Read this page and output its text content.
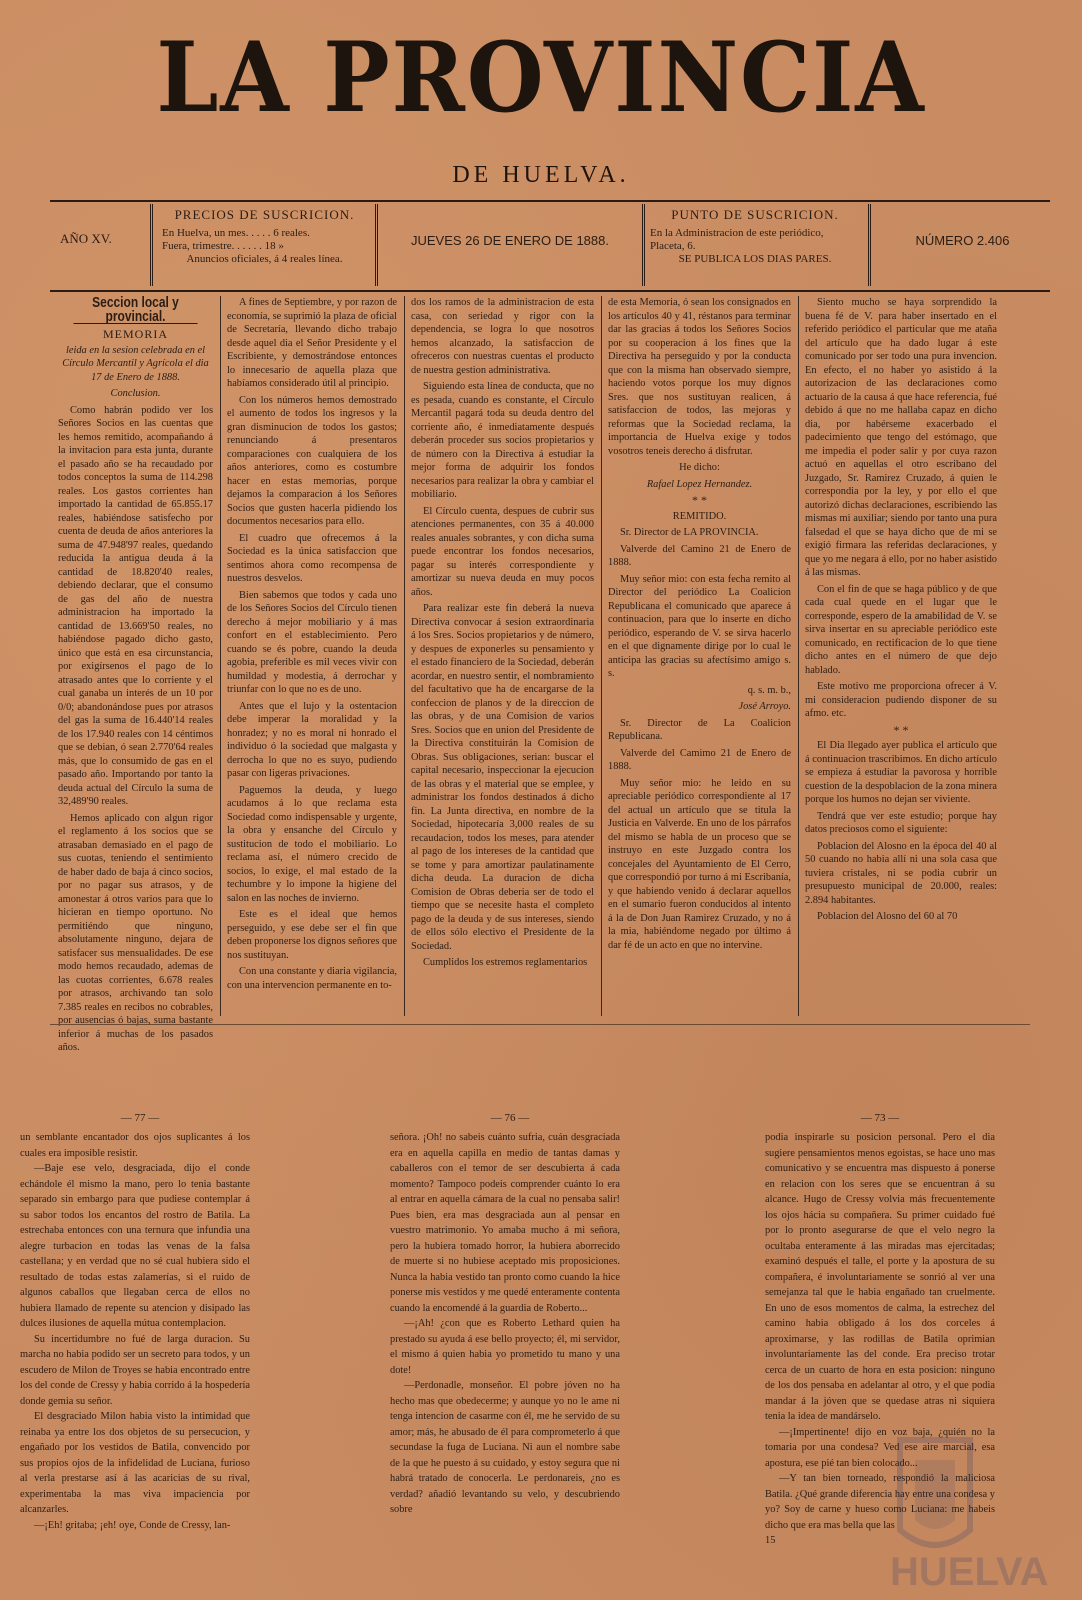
LA PROVINCIA
DE HUELVA.
AÑO XV.
PRECIOS DE SUSCRICION.
En Huelva, un mes. . . . . 6 reales.
Fuera, trimestre. . . . . . 18 »
Anuncios oficiales, á 4 reales línea.
JUEVES 26 DE ENERO DE 1888.
PUNTO DE SUSCRICION.
En la Administracion de este periódico, Placeta, 6.
SE PUBLICA LOS DIAS PARES.
NÚMERO 2.406
Seccion local y provincial.
MEMORIA

leida en la sesion celebrada en el Círculo Mercantil y Agrícola el dia 17 de Enero de 1888.

Conclusion.

Como habrán podido ver los Señores Socios en las cuentas que les hemos remitido, acompañando á la invitacion para esta junta, durante el pasado año se ha recaudado por todos conceptos la suma de 114.298 reales. Los gastos corrientes han importado la cantidad de 65.855.17 reales, habiéndose satisfecho por cuenta de deuda de años anteriores la suma de 47.948'97 reales, quedando reducida la antigua deuda á la cantidad de 18.820'40 reales, debiendo declarar, que el consumo de gas del año de nuestra administracion ha importado la cantidad de 13.669'50 reales, no habiéndose pagado dicho gasto, único que está en esa circunstancia, por exigírsenos el pago de lo atrasado antes que lo corriente y el cual ganaba un interés de un 10 por 0/0; abandonándose pues por atrasos del gas la suma de 16.440'14 reales de los 17.940 reales con 14 céntimos que se debian, ó sean 2.770'64 reales más, que lo consumido de gas en el pasado año. Importando por tanto la deuda actual del Círculo la suma de 32,489'90 reales.

Hemos aplicado con algun rigor el reglamento á los socios que se atrasaban demasiado en el pago de sus cuotas, teniendo el sentimiento de haber dado de baja á cinco socios, por no pagar sus atrasos, y de amonestar á otros varios para que lo hicieran en tiempo oportuno. No permitiéndo que ninguno, absolutamente ninguno, dejara de satisfacer sus mensualidades. De ese modo hemos recaudado, ademas de las cuotas corrientes, 6.678 reales por atrasos, archivando tan solo 7.385 reales en recibos no cobrables, por ausencias ó bajas, suma bastante inferior á muchas de los pasados años.

A fines de Septiembre, y por razon de economía, se suprimió la plaza de oficial de Secretaría, llevando dicho trabajo desde aquel dia el Señor Presidente y el Escribiente, y demostrándose entonces lo innecesario de aquella plaza que habíamos considerado útil al principio.

Con los números hemos demostrado el aumento de todos los ingresos y la gran disminucion de todos los gastos; renunciando á presentaros comparaciones con cualquiera de los años anteriores, como es costumbre hacer en estas memorias, porque dejamos la comparacion á los Señores Socios que gusten hacerla pidiendo los documentos necesarios para ello.

El cuadro que ofrecemos á la Sociedad es la única satisfaccion que sentimos ahora como recompensa de nuestros desvelos.

Bien sabemos que todos y cada uno de los Señores Socios del Círculo tienen derecho á mejor mobiliario y á mas confort en el establecimiento. Pero cuando se és pobre, cuando la deuda agobia, preferible es mil veces vivir con humildad y modestia, á derrochar y triunfar con lo que no es de uno.

Antes que el lujo y la ostentacion debe imperar la moralidad y la honradez; y no es moral ni honrado el individuo ó la sociedad que malgasta y derrocha lo que no es suyo, pudiendo pasar con ligeras privaciones.

Paguemos la deuda, y luego acudamos á lo que reclama esta Sociedad como indispensable y urgente, la obra y ensanche del Círculo y sustitucion de todo el mobiliario. Lo reclama así, el número crecido de socios, lo exige, el mal estado de la techumbre y lo impone la higiene del salon en las noches de invierno.

Este es el ideal que hemos perseguido, y ese debe ser el fin que deben proponerse los dignos señores que nos sustituyan.

Con una constante y diaria vigilancia, con una intervencion permanente en to-

dos los ramos de la administracion de esta casa, con seriedad y rigor con la dependencia, se logra lo que nosotros hemos alcanzado, la satisfaccion de ofreceros con nuestras cuentas el producto de nuestra gestion administrativa.

Siguiendo esta línea de conducta, que no es pesada, cuando es constante, el Círculo Mercantil pagará toda su deuda dentro del corriente año, é inmediatamente después deberán proceder sus socios propietarios y de número con la Directiva á estudiar la mejor forma de adquirir los fondos necesarios para realizar la obra y cambiar el mobiliario.

El Círculo cuenta, despues de cubrir sus atenciones permanentes, con 35 á 40.000 reales anuales sobrantes, y con dicha suma puede encontrar los fondos necesarios, pagar su interés correspondiente y amortizar su nueva deuda en muy pocos años.

Para realizar este fin deberá la nueva Directiva convocar á sesion extraordinaria á los Sres. Socios propietarios y de número, y despues de exponerles su pensamiento y el estado financiero de la Sociedad, deberán acordar, en nuestro sentir, el nombramiento del facultativo que ha de encargarse de la confeccion de planos y de la direccion de las obras, y de una Comision de varios Sres. Socios que en union del Presidente de la Directiva constituirán la Comision de Obras. Sus obligaciones, serian: buscar el capital necesario, inspeccionar la ejecucion de las obras y el material que se emplee, y administrar los fondos destinados á dicho fin. La Junta directiva, en nombre de la Sociedad, hipotecaría 3,000 reales de su recaudacion, todos los meses, para atender al pago de los intereses de la cantidad que se tome y para amortizar paulatinamente dicha deuda. La duracion de dicha Comision de Obras deberia ser de todo el tiempo que se necesite hasta el completo pago de la deuda y de sus intereses, siendo de ellos sólo electivo el Presidente de la Sociedad.

Cumplidos los estremos reglamentarios

de esta Memoria, ó sean los consignados en los artículos 40 y 41, réstanos para terminar dar las gracias á todos los Señores Socios por su cooperacion á los fines que la Directiva ha perseguido y por la conducta que con la misma han observado siempre, haciendo votos porque los muy dignos Sres. que nos sustituyan realicen, á satisfaccion de todos, las mejoras y reformas que la Sociedad reclama, la importancia de Huelva exige y todos vosotros teneis derecho á disfrutar.

He dicho:

Rafael Lopez Hernandez.

* *

REMITIDO.

Sr. Director de LA PROVINCIA.

Valverde del Camino 21 de Enero de 1888.

Muy señor mio: con esta fecha remito al Director del periódico La Coalicion Republicana el comunicado que aparece á continuacion, para que lo inserte en dicho periódico, esperando de V. se sirva hacerlo en el que dignamente dirige por lo cual le anticipa las gracias su afectísimo amigo s. s.

q. s. m. b.,

José Arroyo.

Sr. Director de La Coalicion Republicana.

Valverde del Camimo 21 de Enero de 1888.

Muy señor mio: he leido en su apreciable periódico correspondiente al 17 del actual un artículo que se titula la Justicia en Valverde. En uno de los párrafos del mismo se habla de un proceso que se instruyo en este Juzgado contra los concejales del Ayuntamiento de El Cerro, que correspondió por turno á mi Escribanía, y que habiendo venido á declarar aquellos en el sumario fueron conducidos al intento á la de Don Juan Ramirez Cruzado, y no á la mia, habiéndome negado por último á dar fé de un acto en que no intervine.

Siento mucho se haya sorprendido la buena fé de V. para haber insertado en el referido periódico el particular que me ataña del artículo que ha dado lugar á este comunicado por ser todo una pura invencion. En efecto, el no haber yo asistido á la autorizacion de las declaraciones como actuario de la causa á que hace referencia, fué debido á que no me hallaba capaz en dicho dia, por habérseme exacerbado el padecimiento que tengo del estómago, que me impedia el poder salir y por cuya razon actuó en aquellas el otro escribano del Juzgado, Sr. Ramirez Cruzado, á quien le correspondia por la ley, y por ello el que autorizó dichas declaraciones, escribiendo las mismas mi auxiliar; siendo por tanto una pura falsedad el que se haya dicho que de mi se exigió firmara las referidas declaraciones, y que yo me negara á ello, por no haber asistido á las mismas.

Con el fin de que se haga público y de que cada cual quede en el lugar que le corresponde, espero de la amabilidad de V. se sirva insertar en su apreciable periódico este comunicado, en rectificacion de lo que tiene dicho antes en el número de que dejo hablado.

Este motivo me proporciona ofrecer á V. mi consideracion pudiendo disponer de su afmo. etc.

* *

El Dia llegado ayer publica el artículo que á continuacion trascribimos. En dicho artículo se empieza á estudiar la pavorosa y horrible cuestion de la despoblacion de la zona minera porque los humos no dejan ser viviente.

Tendrá que ver este estudio; porque hay datos preciosos como el siguiente:

Poblacion del Alosno en la época del 40 al 50 cuando no habia allí ni una sola casa que tuviera cristales, ni se podia cubrir un presupuesto municipal de 20.000, reales: 2.894 habitantes.

Poblacion del Alosno del 60 al 70

— 77 —	— 76 —	— 73 —

un semblante encantador dos ojos suplicantes á los cuales era imposible resistir.

—Baje ese velo, desgraciada, dijo el conde echándole él mismo la mano, pero lo tenia bastante separado sin embargo para que pudiese contemplar á su sabor todos los encantos del rostro de Batila. La estrechaba entonces con una ternura que infundia una alegre turbacion en todas las venas de la falsa castellana; y en verdad que no sé cual hubiera sido el resultado de todas estas zalamerías, si el ruido de algunos caballos que llegaban cerca de ellos no hubiera llamado de repente su atencion y disipado las dulces ilusiones de aquella mútua contemplacion.

Su incertidumbre no fué de larga duracion. Su marcha no habia podido ser un secreto para todos, y un escudero de Milon de Troyes se habia encontrado entre los del conde de Cressy y habia corrido á la hospedería donde gemia su señor.

El desgraciado Milon habia visto la intimidad que reinaba ya entre los dos objetos de su persecucion, y engañado por los vestidos de Batila, convencido por sus propios ojos de la infidelidad de Luciana, furioso al verla prestarse así á las acaricias de su rival, experimentaba la mas viva impaciencia por alcanzarles.

—¡Eh! gritaba; ¡eh! oye, Conde de Cressy, lan-

señora. ¡Oh! no sabeis cuánto sufria, cuán desgraciada era en aquella capilla en medio de tantas damas y caballeros con el temor de ser descubierta á cada momento? Tampoco podeis comprender cuánto lo era al entrar en aquella cámara de la cual no pensaba salir! Pues bien, era mas desgraciada aun al pensar en vuestro matrimonio. Yo amaba mucho á mi señora, pero la hubiera tomado horror, la hubiera aborrecido de muerte si no hubiese aceptado mis proposiciones. Nunca la habia vestido tan pronto como cuando la hice ponerse mis vestidos y me quedé enteramente contenta cuando la encomendé á la guardia de Roberto...

—¡Ah! ¿con que es Roberto Lethard quien ha prestado su ayuda á ese bello proyecto; él, mi servidor, el mismo á quien habia yo prometido tu mano y una dote!

—Perdonadle, monseñor. El pobre jóven no ha hecho mas que obedecerme; y aunque yo no le ame ni tenga intencion de casarme con él, me he servido de su amor; más, he abusado de él para comprometerlo á que secundase la fuga de Luciana. Ni aun el nombre sabe de la que he puesto á su cuidado, y estoy segura que ni habrá tratado de conocerla. Le perdonareis, ¿no es verdad? añadió levantando su velo, y descubriendo sobre

podia inspirarle su posicion personal. Pero el dia sugiere pensamientos menos egoistas, se hace uno mas comunicativo y se encuentra mas dispuesto á ponerse en relacion con los seres que se encuentran á su alcance. Hugo de Cressy volvia más frecuentemente los ojos hácia su compañera. Su primer cuidado fué por lo pronto asegurarse de que el velo negro la ocultaba enteramente á las miradas mas ejercitadas; examinó después el talle, el porte y la apostura de su compañera, é involuntariamente se sonrió al ver una semejanza tal que le habia engañado tan cruelmente. En uno de esos momentos de calma, la estrechez del camino habia obligado á los dos corceles á aproximarse, y las rodillas de Batila oprimian involuntariamente las del conde. Era preciso trotar cerca de un cuarto de hora en esta posicion: ninguno de los dos pensaba en adelantar al otro, y el que podia mandar á la jóven que se quedase atras ni siquiera tenia la idea de mandárselo.

—¡Impertinente! dijo en voz baja, ¿quién no la tomaria por una condesa? Ved ese aire marcial, esa apostura, ese pié tan bien colocado...

—Y tan bien torneado, respondió la maliciosa Batila. ¿Qué grande diferencia hay entre una condesa y yo? Soy de carne y hueso como Luciana: me habeis dicho que era mas bella que las

15

HUELVA
